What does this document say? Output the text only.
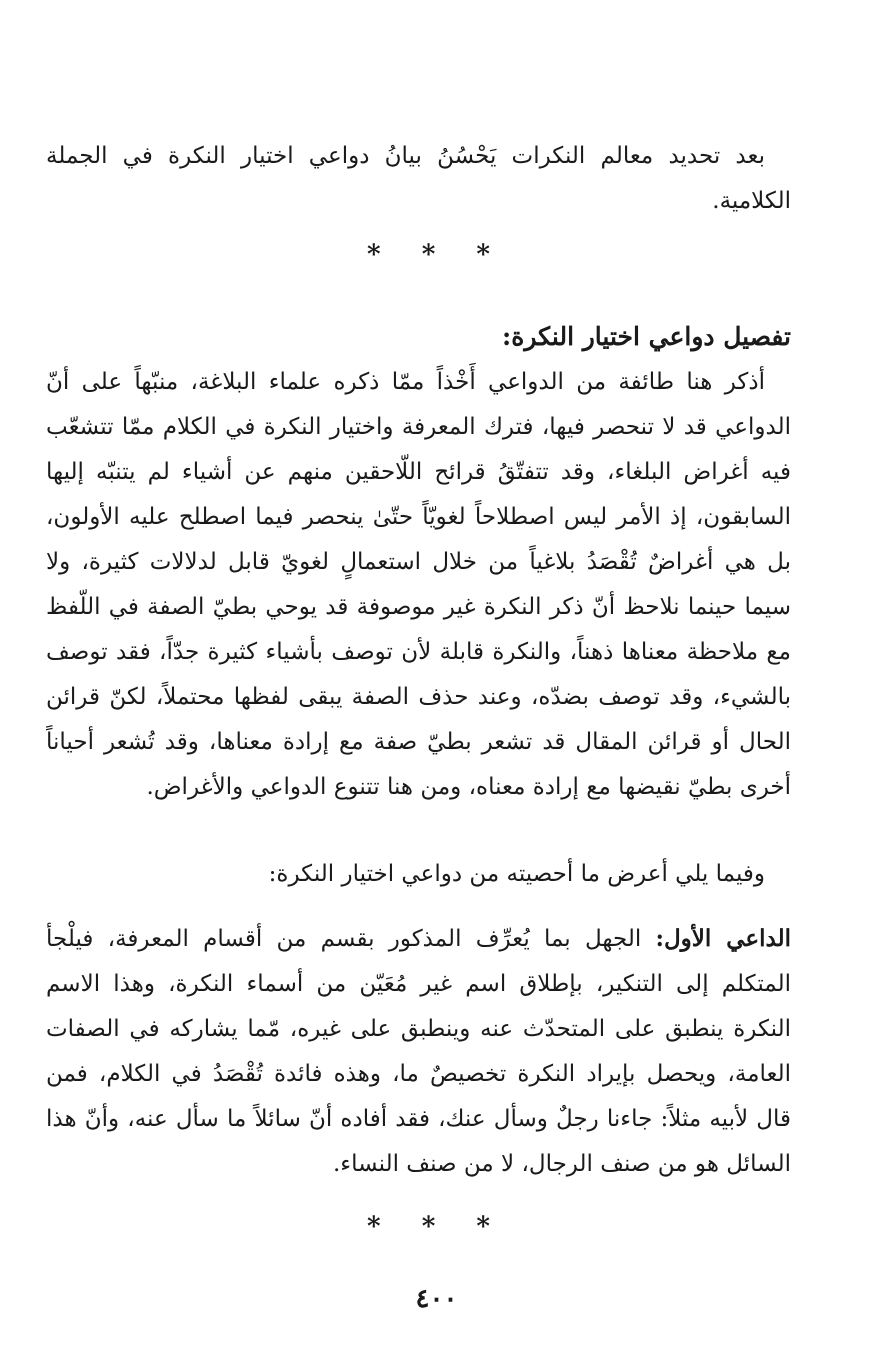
بعد تحديد معالم النكرات يَحْسُنُ بيانُ دواعي اختيار النكرة في الجملة الكلامية.

* * *

تفصيل دواعي اختيار النكرة:

أذكر هنا طائفة من الدواعي أَخْذاً ممّا ذكره علماء البلاغة، منبّهاً على أنّ الدواعي قد لا تنحصر فيها، فترك المعرفة واختيار النكرة في الكلام ممّا تتشعّب فيه أغراض البلغاء، وقد تتفتّقُ قرائح اللّاحقين منهم عن أشياء لم يتنبّه إليها السابقون، إذ الأمر ليس اصطلاحاً لغويّاً حتّىٰ ينحصر فيما اصطلح عليه الأولون، بل هي أغراضٌ تُقْصَدُ بلاغياً من خلال استعمالٍ لغويّ قابل لدلالات كثيرة، ولا سيما حينما نلاحظ أنّ ذكر النكرة غير موصوفة قد يوحي بطيّ الصفة في اللّفظ مع ملاحظة معناها ذهناً، والنكرة قابلة لأن توصف بأشياء كثيرة جدّاً، فقد توصف بالشيء، وقد توصف بضدّه، وعند حذف الصفة يبقى لفظها محتملاً، لكنّ قرائن الحال أو قرائن المقال قد تشعر بطيّ صفة مع إرادة معناها، وقد تُشعر أحياناً أخرى بطيّ نقيضها مع إرادة معناه، ومن هنا تتنوع الدواعي والأغراض.

وفيما يلي أعرض ما أحصيته من دواعي اختيار النكرة:

الداعي الأول: الجهل بما يُعرِّف المذكور بقسم من أقسام المعرفة، فيلْجأ المتكلم إلى التنكير، بإطلاق اسم غير مُعَيّن من أسماء النكرة، وهذا الاسم النكرة ينطبق على المتحدّث عنه وينطبق على غيره، مّما يشاركه في الصفات العامة، ويحصل بإيراد النكرة تخصيصٌ ما، وهذه فائدة تُقْصَدُ في الكلام، فمن قال لأبيه مثلاً: جاءنا رجلٌ وسأل عنك، فقد أفاده أنّ سائلاً ما سأل عنه، وأنّ هذا السائل هو من صنف الرجال، لا من صنف النساء.

* * *

٤٠٠
